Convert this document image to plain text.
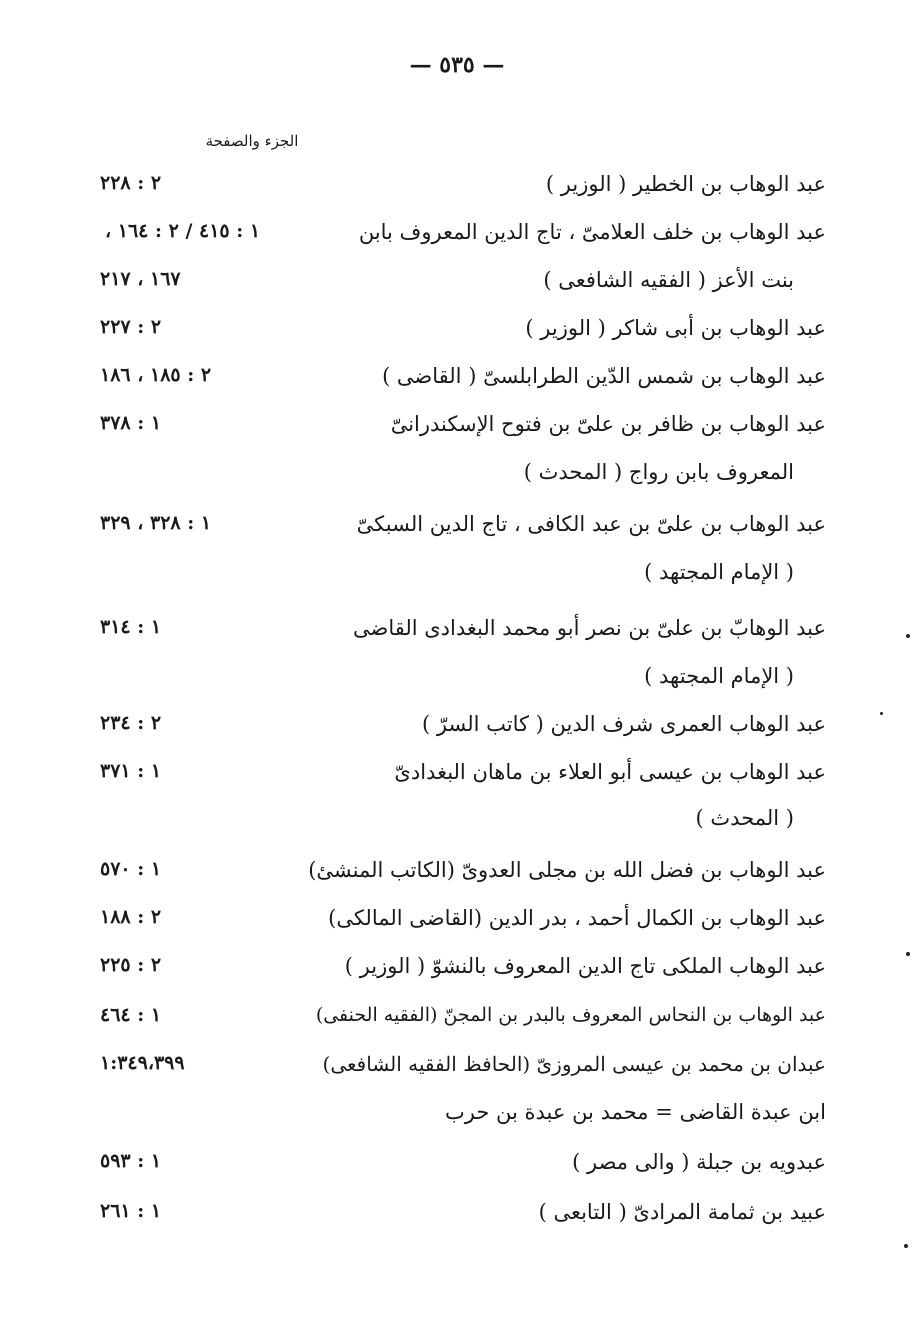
— ٥٣٥ —
الجزء والصفحة
عبد الوهاب بن الخطير ( الوزير )
٢ : ٢٢٨
عبد الوهاب بن خلف العلامىّ ، تاج الدين المعروف بابن
١ : ٤١٥ / ٢ : ١٦٤ ،
بنت الأعز ( الفقيه الشافعى )
١٦٧ ، ٢١٧
عبد الوهاب بن أبى شاكر ( الوزير )
٢ : ٢٢٧
عبد الوهاب بن شمس الدّين الطرابلسىّ ( القاضى )
٢ : ١٨٥ ، ١٨٦
عبد الوهاب بن ظافر بن علىّ بن فتوح الإسكندرانىّ
١ : ٣٧٨
المعروف بابن رواج ( المحدث )
عبد الوهاب بن علىّ بن عبد الكافى ، تاج الدين السبكىّ
١ : ٣٢٨ ، ٣٢٩
( الإمام المجتهد )
عبد الوهابّ بن علىّ بن نصر أبو محمد البغدادى القاضى
١ : ٣١٤
( الإمام المجتهد )
عبد الوهاب العمرى شرف الدين ( كاتب السرّ )
٢ : ٢٣٤
عبد الوهاب بن عيسى أبو العلاء بن ماهان البغدادىّ
١ : ٣٧١
( المحدث )
عبد الوهاب بن فضل الله بن مجلى العدوىّ (الكاتب المنشئ)
١ : ٥٧٠
عبد الوهاب بن الكمال أحمد ، بدر الدين (القاضى المالكى)
٢ : ١٨٨
عبد الوهاب الملكى تاج الدين المعروف بالنشوّ ( الوزير )
٢ : ٢٢٥
عبد الوهاب بن النحاس المعروف بالبدر بن المجنّ (الفقيه الحنفى)
١ : ٤٦٤
عبدان بن محمد بن عيسى المروزىّ (الحافظ الفقيه الشافعى)
١:٣٤٩،٣٩٩
ابن عبدة القاضى = محمد بن عبدة بن حرب
عبدويه بن جبلة ( والى مصر )
١ : ٥٩٣
عبيد بن ثمامة المرادىّ ( التابعى )
١ : ٢٦١
